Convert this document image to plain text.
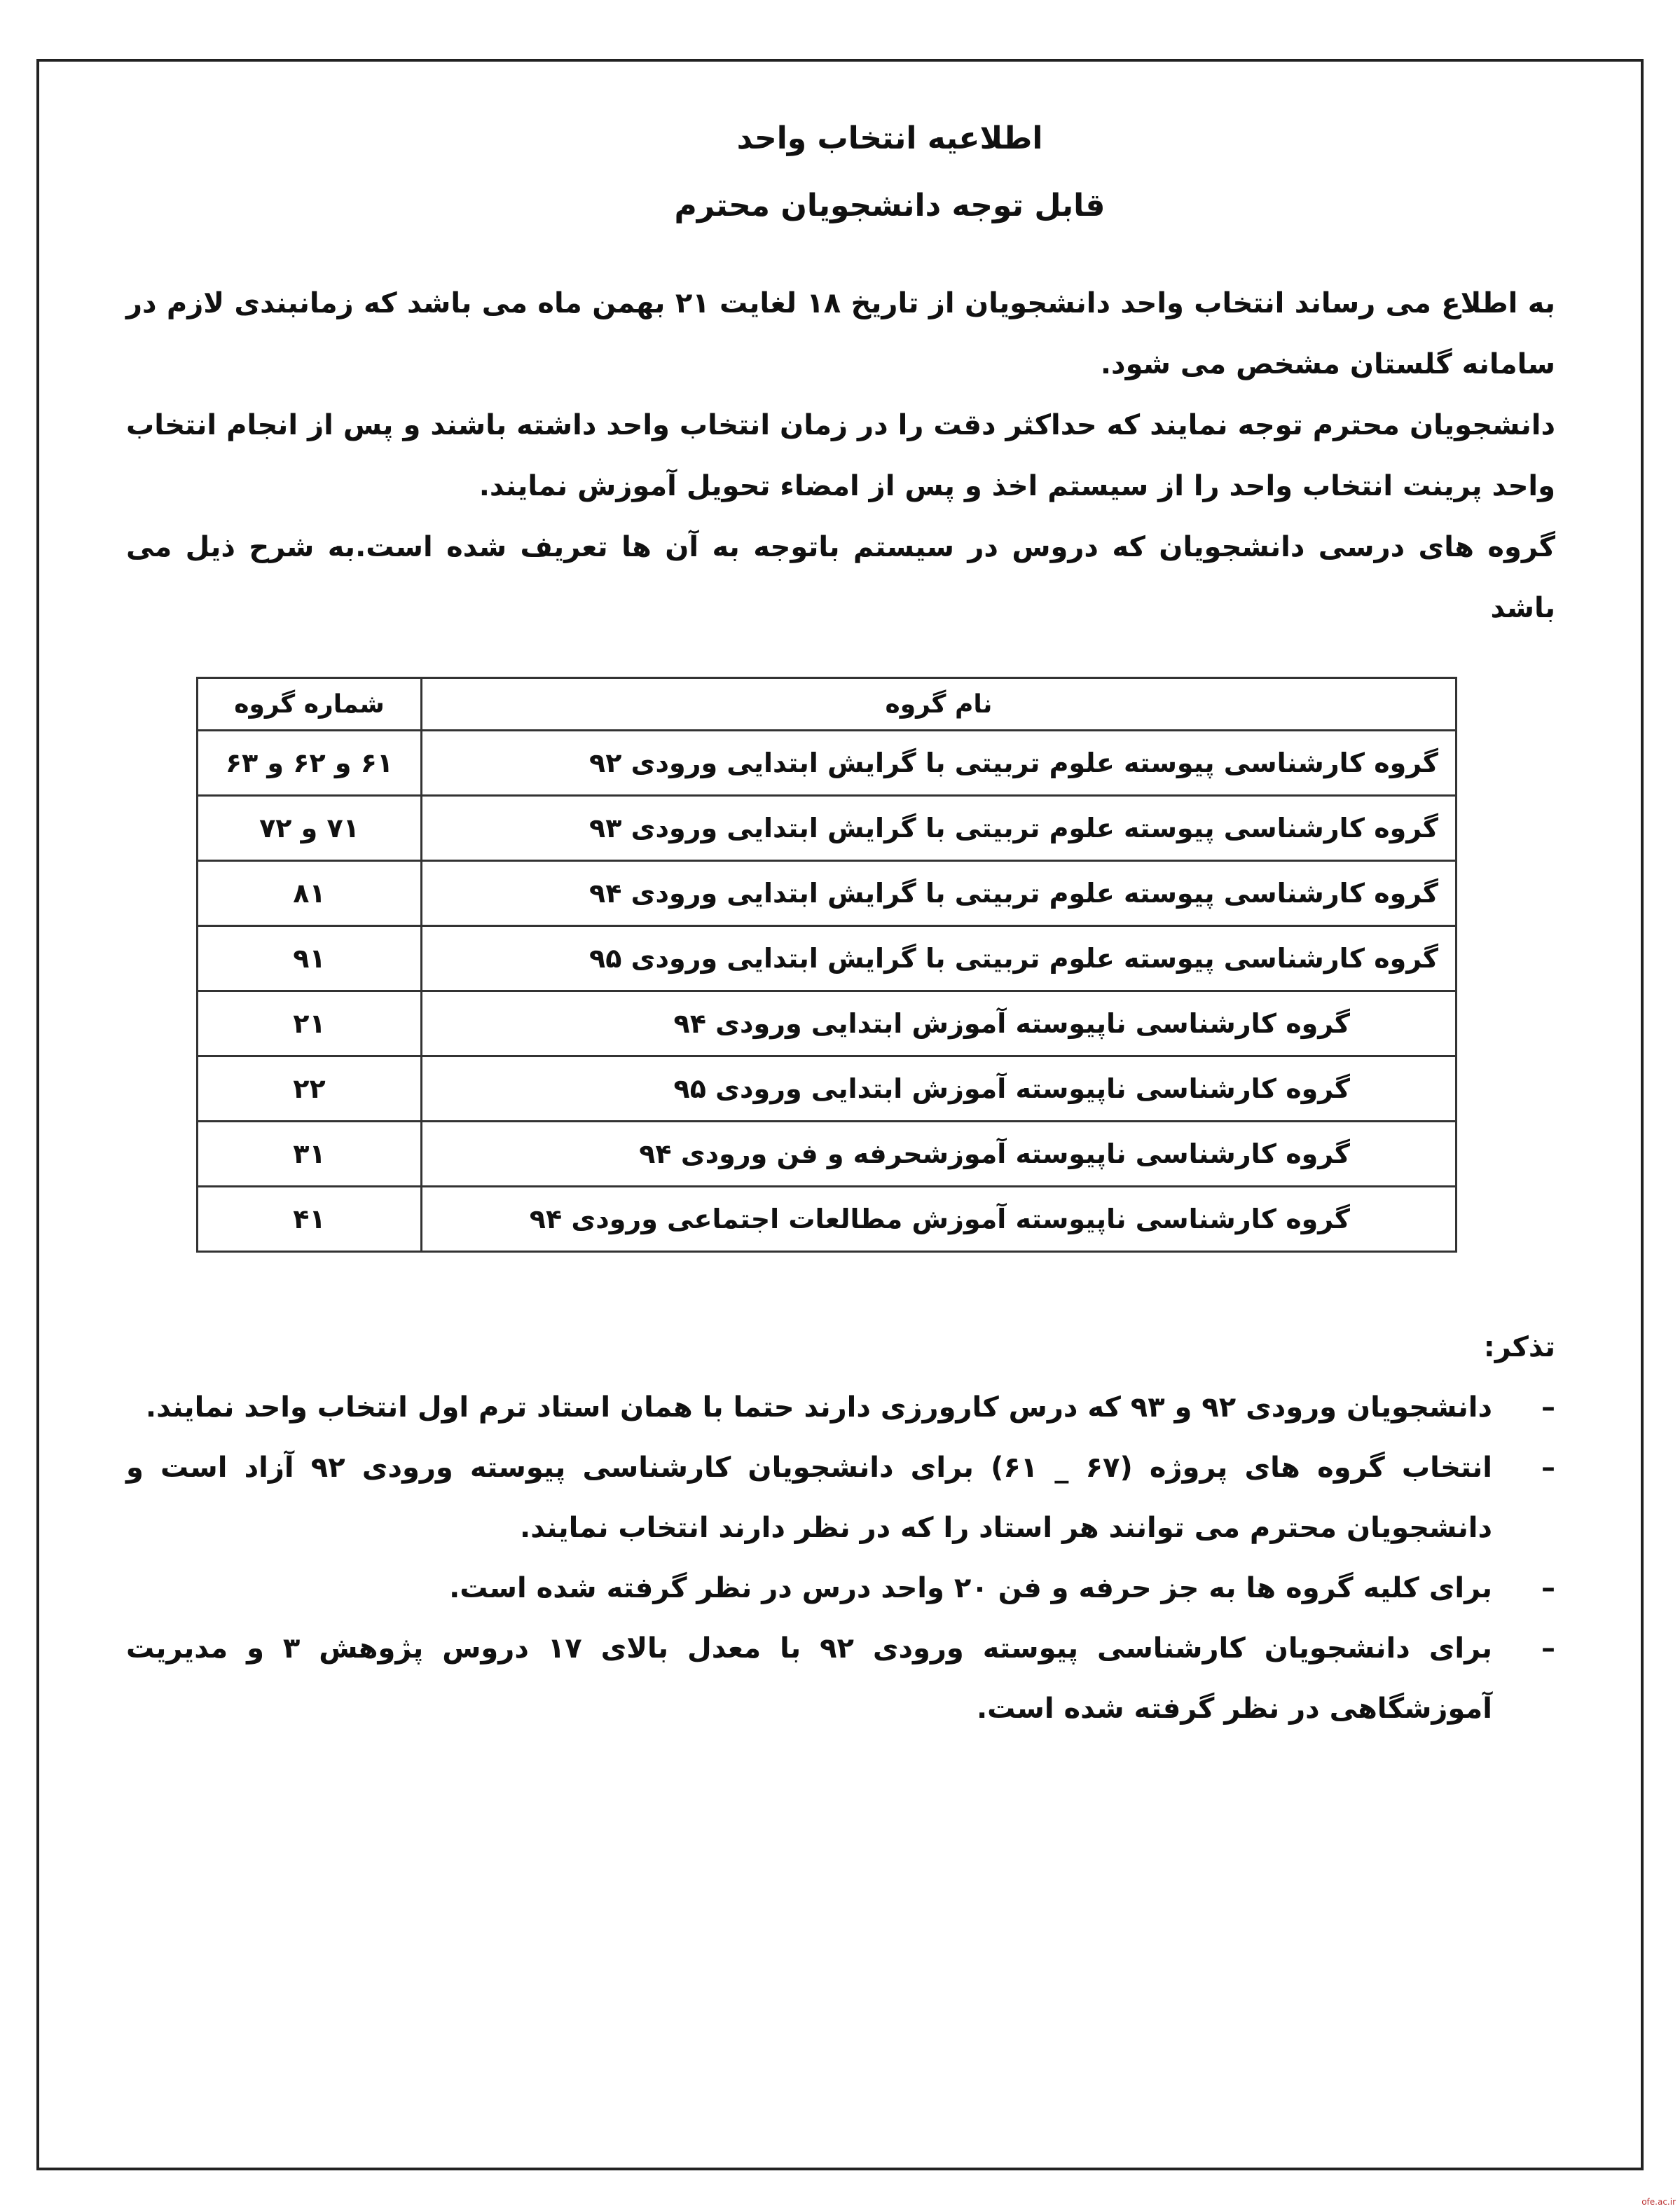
اطلاعیه انتخاب واحد
قابل توجه دانشجویان محترم

به اطلاع می رساند انتخاب واحد دانشجویان از تاریخ ۱۸ لغایت ۲۱ بهمن ماه می باشد که زمانبندی لازم در سامانه گلستان مشخص می شود.

دانشجویان محترم توجه نمایند که حداکثر دقت را در زمان انتخاب واحد داشته باشند و پس از انجام انتخاب واحد پرینت انتخاب واحد را از سیستم اخذ و پس از امضاء تحویل آموزش نمایند.

گروه های درسی دانشجویان که دروس در سیستم باتوجه به آن ها تعریف شده است.به شرح ذیل می باشد

نام گروه	شماره گروه
گروه کارشناسی پیوسته علوم تربیتی با گرایش ابتدایی ورودی ۹۲	۶۱ و ۶۲ و ۶۳
گروه کارشناسی پیوسته علوم تربیتی با گرایش ابتدایی ورودی ۹۳	۷۱ و ۷۲
گروه کارشناسی پیوسته علوم تربیتی با گرایش ابتدایی ورودی ۹۴	۸۱
گروه کارشناسی پیوسته علوم تربیتی با گرایش ابتدایی ورودی ۹۵	۹۱
گروه کارشناسی ناپیوسته آموزش ابتدایی ورودی ۹۴	۲۱
گروه کارشناسی ناپیوسته آموزش ابتدایی ورودی ۹۵	۲۲
گروه کارشناسی ناپیوسته آموزشحرفه و فن ورودی ۹۴	۳۱
گروه کارشناسی ناپیوسته آموزش مطالعات اجتماعی ورودی ۹۴	۴۱
تذکر:
–
دانشجویان ورودی ۹۲ و ۹۳ که درس کارورزی دارند حتما با همان استاد ترم اول انتخاب واحد نمایند.
–
انتخاب گروه های پروژه (۶۷ _ ۶۱) برای دانشجویان کارشناسی پیوسته ورودی ۹۲ آزاد است و دانشجویان محترم می توانند هر استاد را که در نظر دارند انتخاب نمایند.
–
برای کلیه گروه ها به جز حرفه و فن ۲۰ واحد درس در نظر گرفته شده است.
–
برای دانشجویان کارشناسی پیوسته ورودی ۹۲ با معدل بالای ۱۷ دروس پژوهش ۳ و مدیریت آموزشگاهی در نظر گرفته شده است.
ofe.ac.ir
